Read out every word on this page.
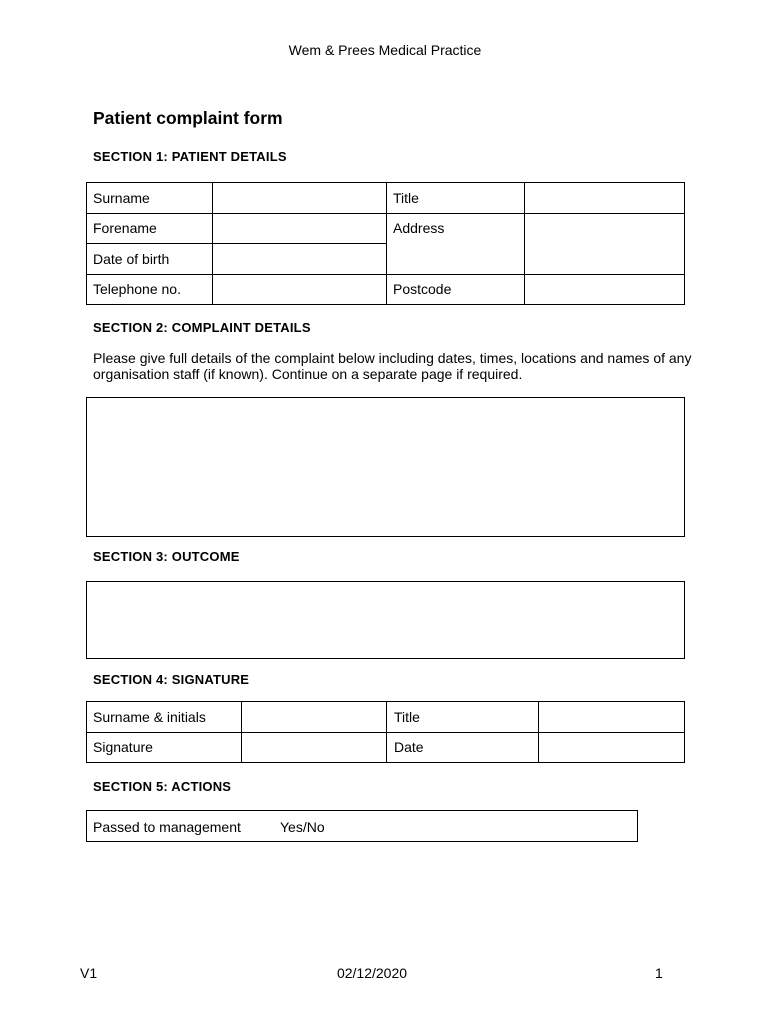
Wem & Prees Medical Practice
Patient complaint form
SECTION 1: PATIENT DETAILS
Surname	Title
Forename	Address
Date of birth
Telephone no.	Postcode
SECTION 2: COMPLAINT DETAILS
Please give full details of the complaint below including dates, times, locations and names of any organisation staff (if known). Continue on a separate page if required.
SECTION 3: OUTCOME
SECTION 4: SIGNATURE
Surname & initials	Title
Signature	Date
SECTION 5: ACTIONS
Passed to management	Yes/No
V1	02/12/2020	1
